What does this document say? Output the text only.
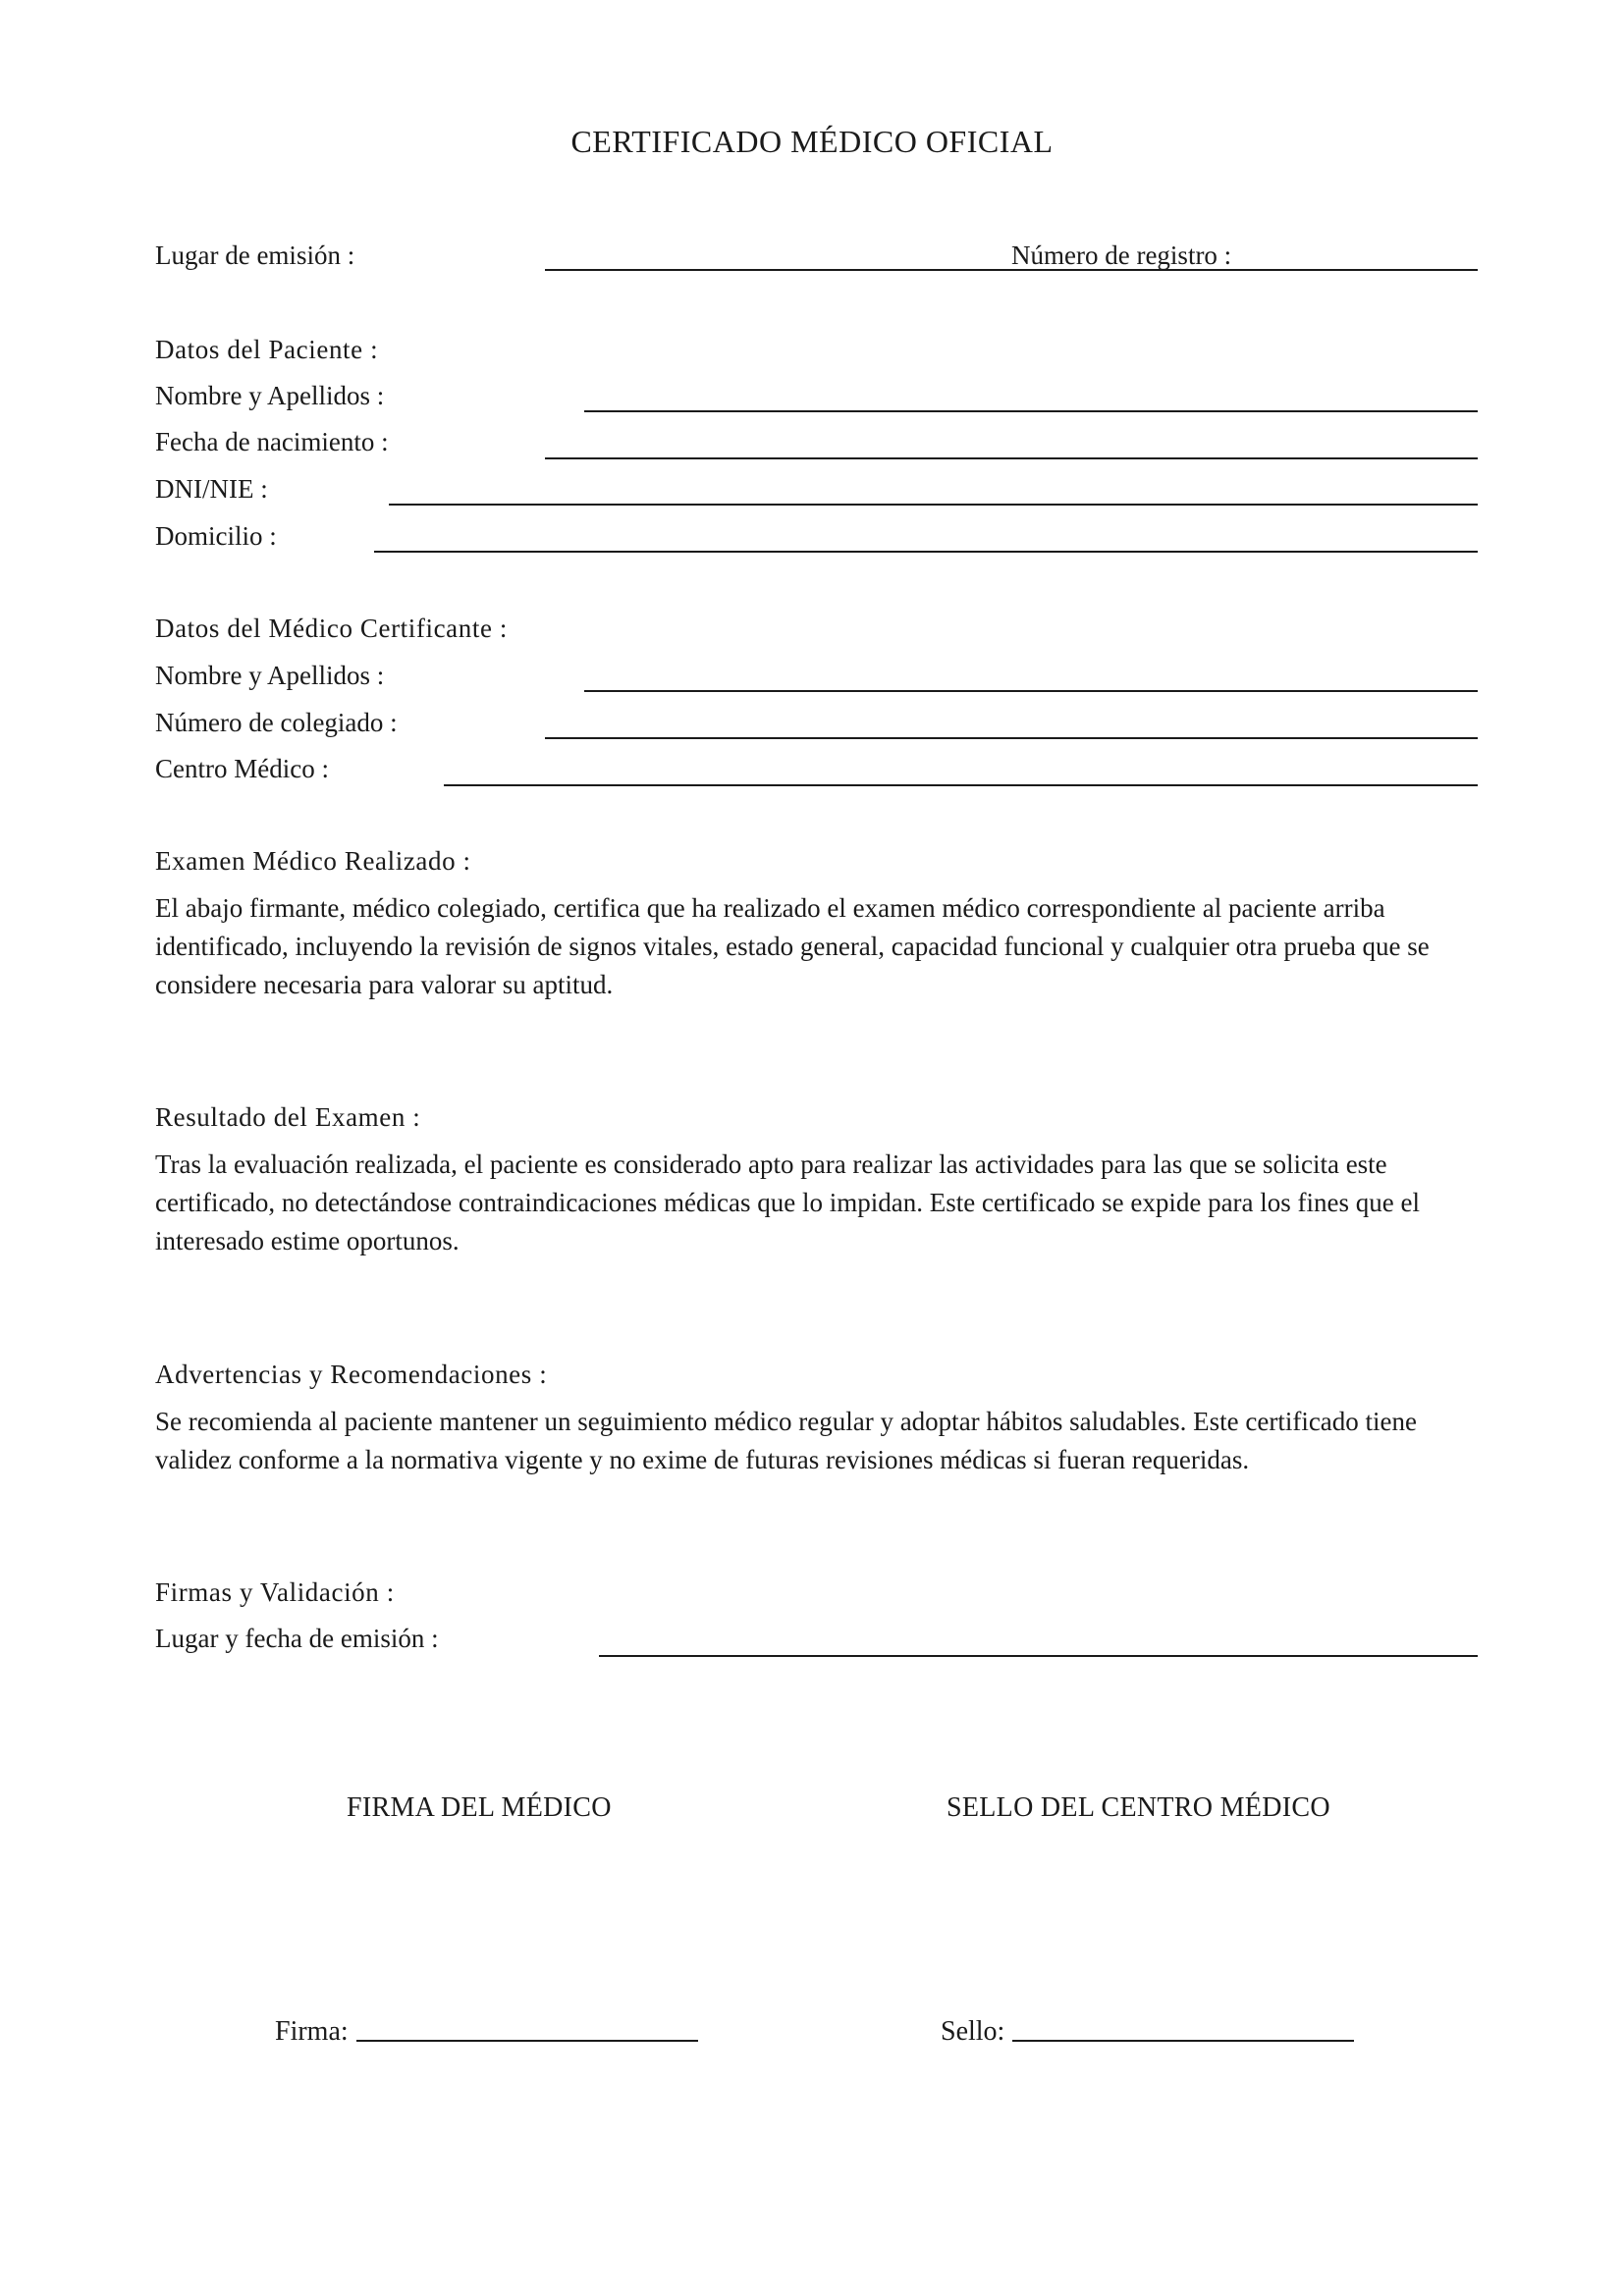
CERTIFICADO MÉDICO OFICIAL
Lugar de emisión :	Número de registro :
Datos del Paciente :
Nombre y Apellidos :
Fecha de nacimiento :
DNI/NIE :
Domicilio :
Datos del Médico Certificante :
Nombre y Apellidos :
Número de colegiado :
Centro Médico :
Examen Médico Realizado :
El abajo firmante, médico colegiado, certifica que ha realizado el examen médico correspondiente al paciente arriba identificado, incluyendo la revisión de signos vitales, estado general, capacidad funcional y cualquier otra prueba que se considere necesaria para valorar su aptitud.
Resultado del Examen :
Tras la evaluación realizada, el paciente es considerado apto para realizar las actividades para las que se solicita este certificado, no detectándose contraindicaciones médicas que lo impidan. Este certificado se expide para los fines que el interesado estime oportunos.
Advertencias y Recomendaciones :
Se recomienda al paciente mantener un seguimiento médico regular y adoptar hábitos saludables. Este certificado tiene validez conforme a la normativa vigente y no exime de futuras revisiones médicas si fueran requeridas.
Firmas y Validación :
Lugar y fecha de emisión :
FIRMA DEL MÉDICO	SELLO DEL CENTRO MÉDICO
Firma:	Sello:
